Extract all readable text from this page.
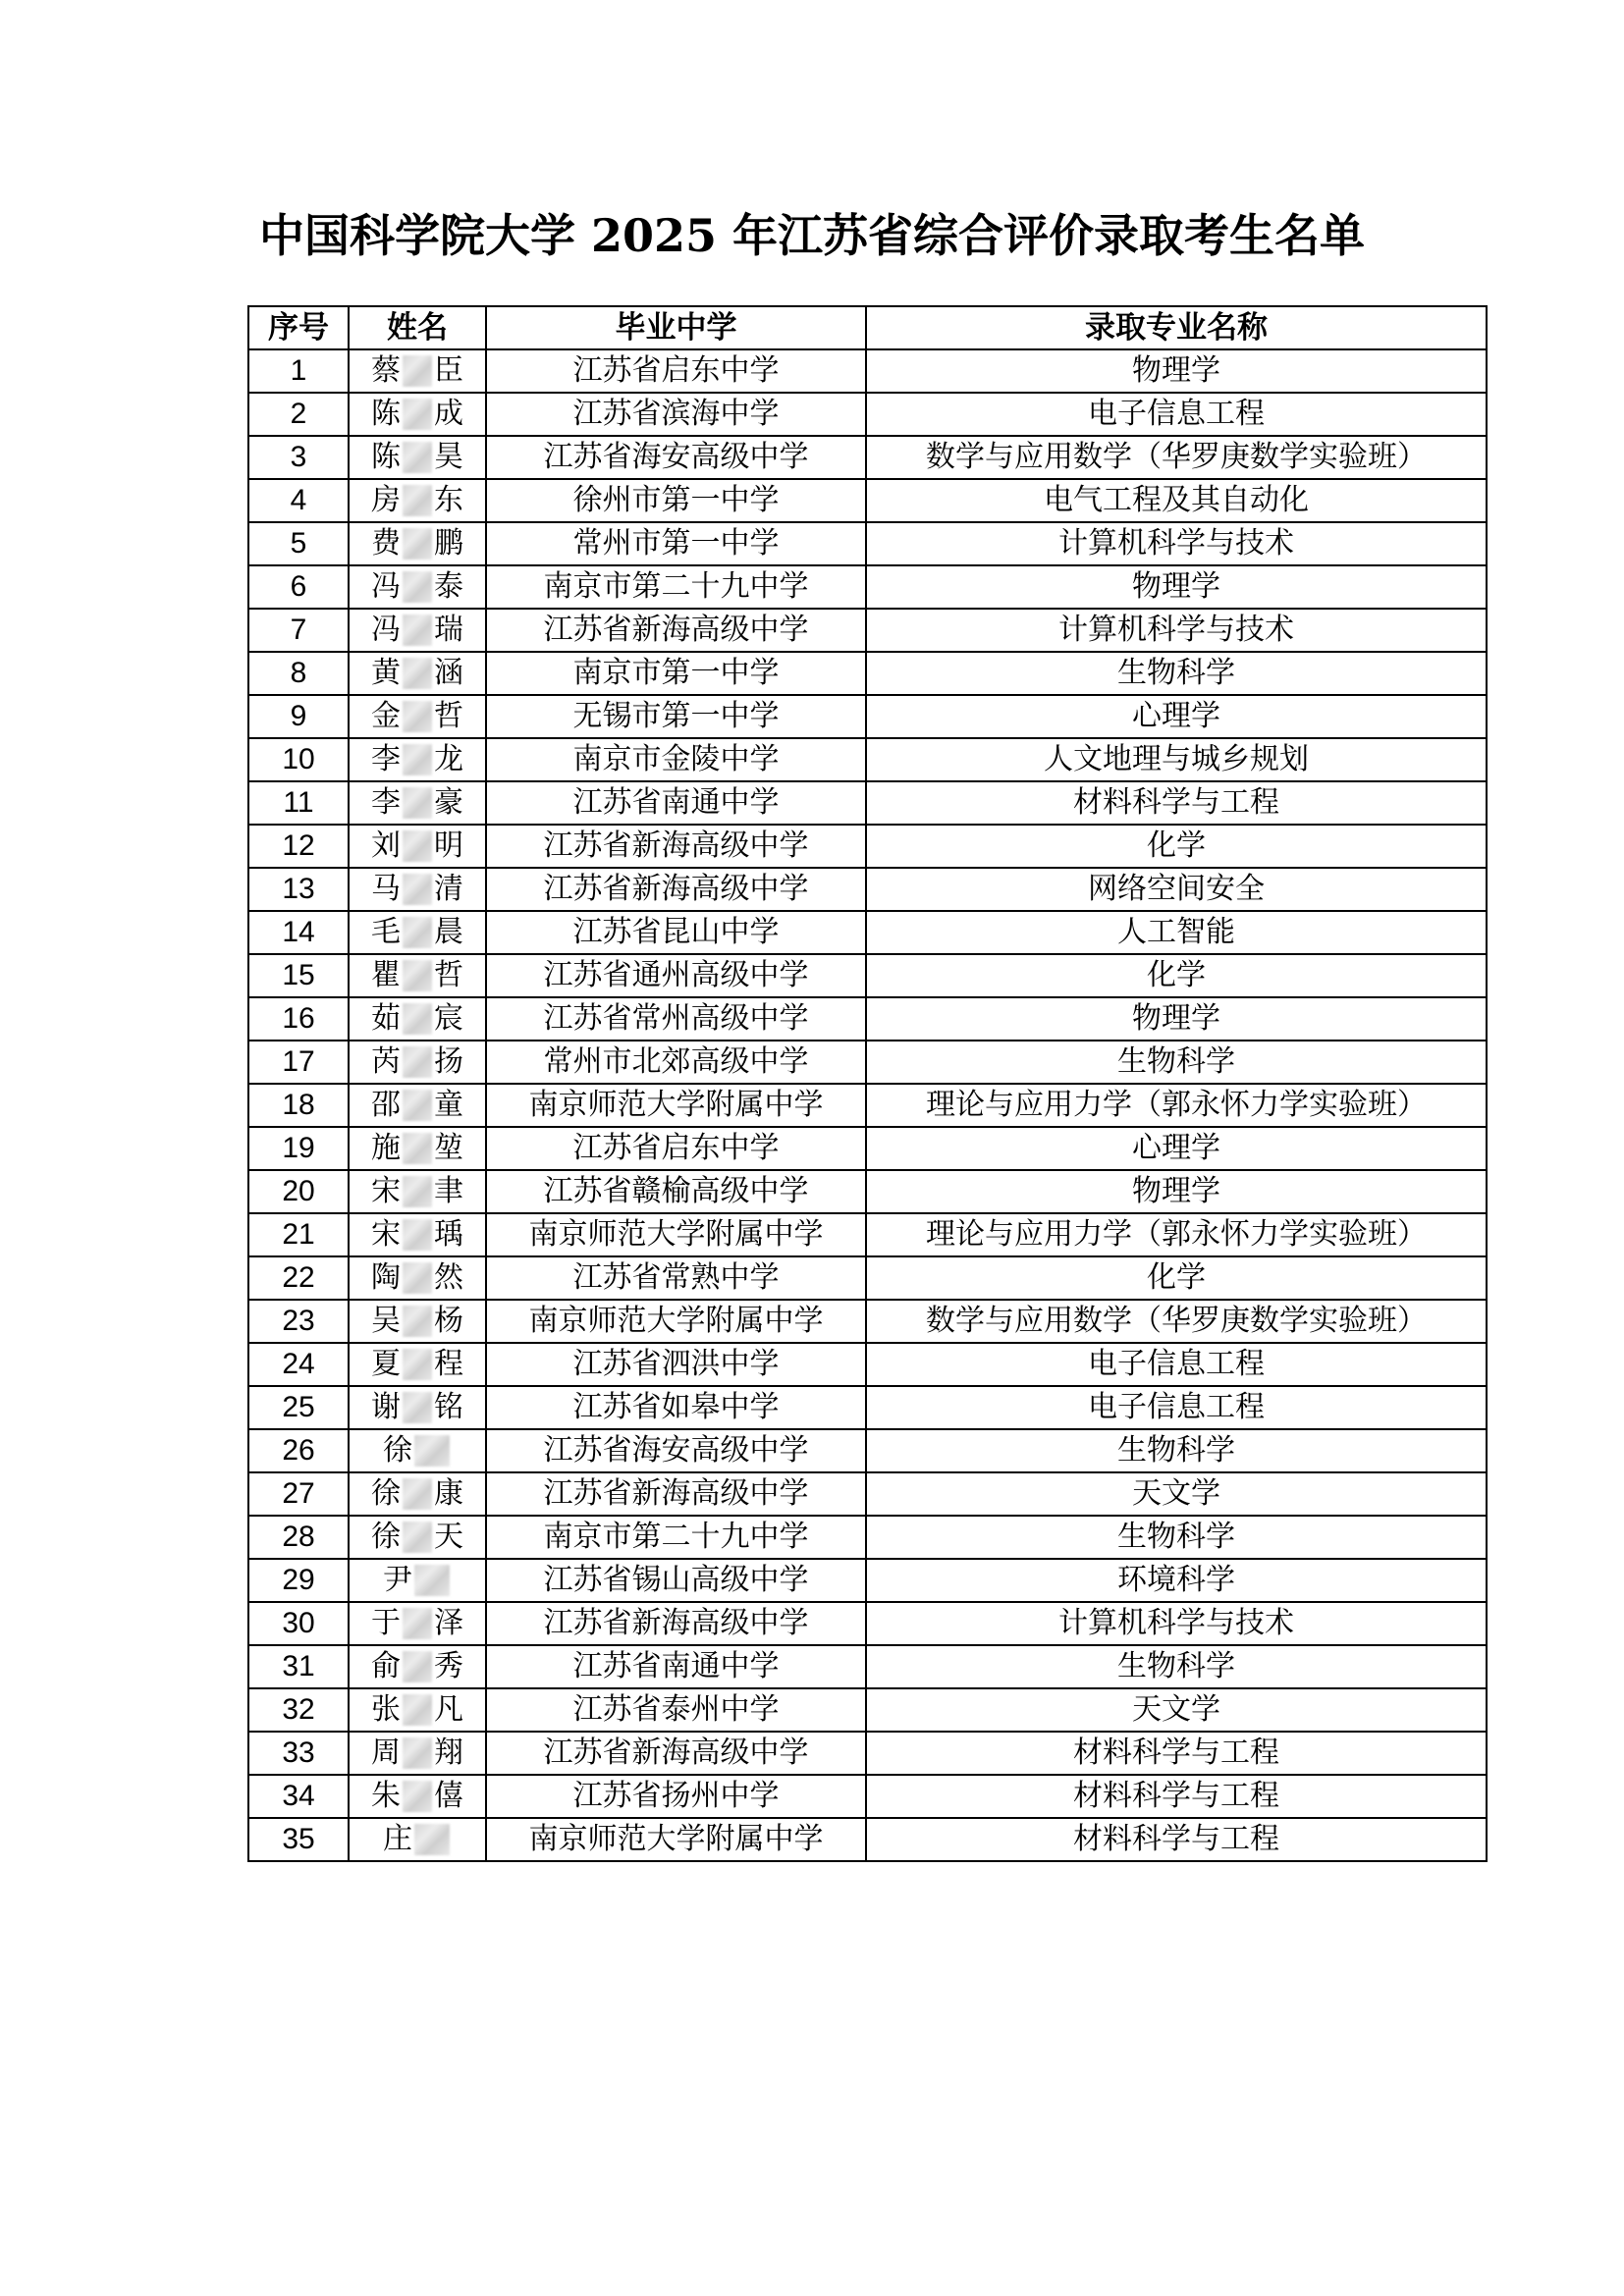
中国科学院大学 2025 年江苏省综合评价录取考生名单
序号	姓名	毕业中学	录取专业名称
1	蔡 臣	江苏省启东中学	物理学
2	陈 成	江苏省滨海中学	电子信息工程
3	陈 昊	江苏省海安高级中学	数学与应用数学（华罗庚数学实验班）
4	房 东	徐州市第一中学	电气工程及其自动化
5	费 鹏	常州市第一中学	计算机科学与技术
6	冯 泰	南京市第二十九中学	物理学
7	冯 瑞	江苏省新海高级中学	计算机科学与技术
8	黄 涵	南京市第一中学	生物科学
9	金 哲	无锡市第一中学	心理学
10	李 龙	南京市金陵中学	人文地理与城乡规划
11	李 豪	江苏省南通中学	材料科学与工程
12	刘 明	江苏省新海高级中学	化学
13	马 清	江苏省新海高级中学	网络空间安全
14	毛 晨	江苏省昆山中学	人工智能
15	瞿 哲	江苏省通州高级中学	化学
16	茹 宸	江苏省常州高级中学	物理学
17	芮 扬	常州市北郊高级中学	生物科学
18	邵 童	南京师范大学附属中学	理论与应用力学（郭永怀力学实验班）
19	施 堃	江苏省启东中学	心理学
20	宋 聿	江苏省赣榆高级中学	物理学
21	宋 瑀	南京师范大学附属中学	理论与应用力学（郭永怀力学实验班）
22	陶 然	江苏省常熟中学	化学
23	吴 杨	南京师范大学附属中学	数学与应用数学（华罗庚数学实验班）
24	夏 程	江苏省泗洪中学	电子信息工程
25	谢 铭	江苏省如皋中学	电子信息工程
26	徐	江苏省海安高级中学	生物科学
27	徐 康	江苏省新海高级中学	天文学
28	徐 天	南京市第二十九中学	生物科学
29	尹	江苏省锡山高级中学	环境科学
30	于 泽	江苏省新海高级中学	计算机科学与技术
31	俞 秀	江苏省南通中学	生物科学
32	张 凡	江苏省泰州中学	天文学
33	周 翔	江苏省新海高级中学	材料科学与工程
34	朱 僖	江苏省扬州中学	材料科学与工程
35	庄	南京师范大学附属中学	材料科学与工程
